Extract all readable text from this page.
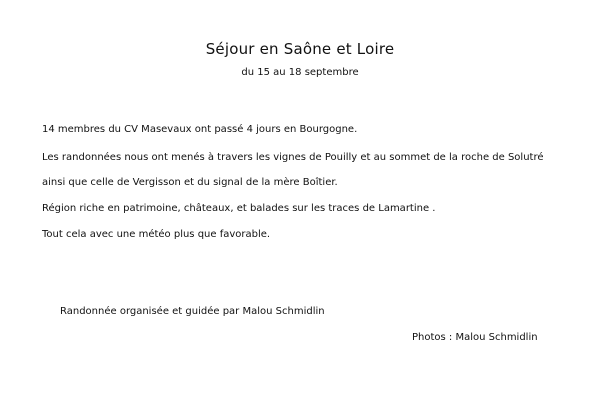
Séjour en Saône et Loire
du 15 au 18 septembre
14 membres du CV Masevaux ont passé 4 jours en Bourgogne.
Les randonnées nous ont menés à travers les vignes de Pouilly et au sommet de la roche de Solutré
ainsi que celle de Vergisson et du signal de la mère Boîtier.
Région riche en patrimoine, châteaux, et balades sur les traces de Lamartine .
Tout cela avec une météo plus que favorable.
Randonnée organisée et guidée par Malou Schmidlin
Photos : Malou Schmidlin
